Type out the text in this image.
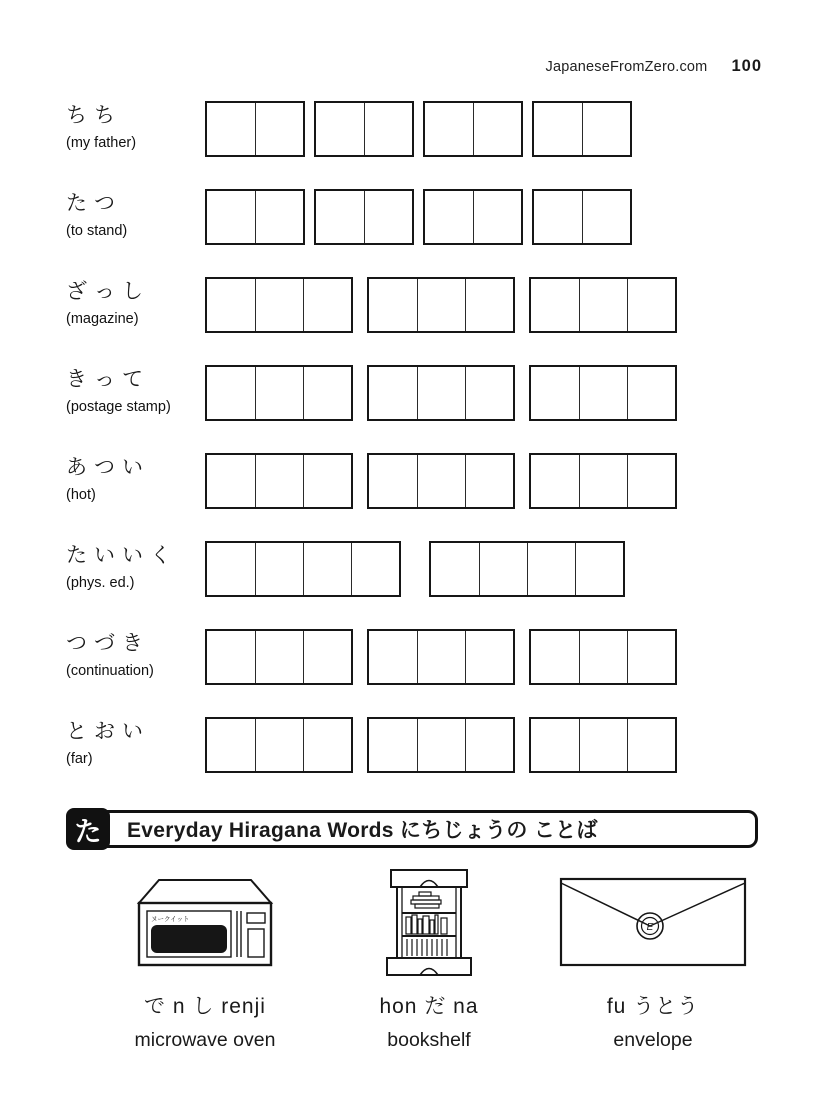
JapaneseFromZero.com 100
ちち
(my father)
たつ
(to stand)
ざっし
(magazine)
きって
(postage stamp)
あつい
(hot)
たいいく
(phys. ed.)
つづき
(continuation)
とおい
(far)
Everyday Hiragana Words にちじょうの ことば
た
ヌークイット
で n し renji
microwave oven
hon だ na
bookshelf
E
fu うとう
envelope
